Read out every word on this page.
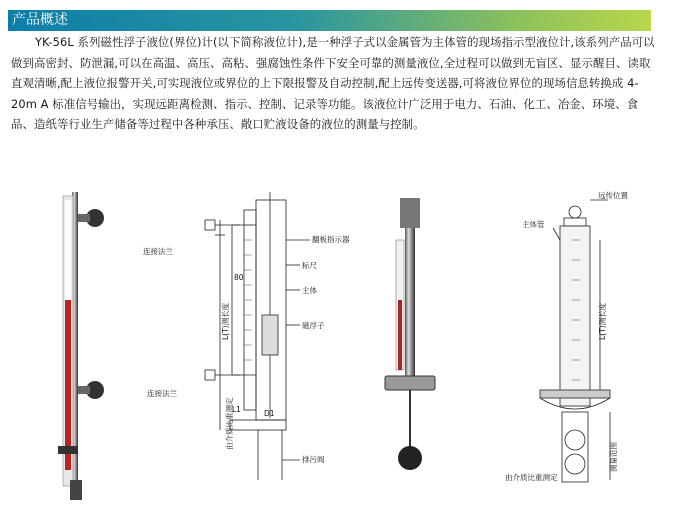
产品概述

YK-56L 系列磁性浮子液位(界位)计(以下简称液位计),是一种浮子式以金属管为主体管的现场指示型液位计,该系列产品可以做到高密封、防泄漏,可以在高温、高压、高粘、强腐蚀性条件下安全可靠的测量液位,全过程可以做到无盲区、显示醒目、读取直观清晰,配上液位报警开关,可实现液位或界位的上下限报警及自动控制,配上远传变送器,可将液位界位的现场信息转换成 4-20m A 标准信号输出，实现远距离检测、指示、控制、记录等功能。该液位计广泛用于电力、石油、化工、冶金、环境、食品、造纸等行业生产储备等过程中各种承压、敞口贮液设备的液位的测量与控制。

连接法兰
连接法兰
翻板指示器
标尺
主体
磁浮子
80
L1	D1
排污阀
L(T)测长度
由介质比重测定
远传位置
主体管
L(T)测长度
测量范围
由介质比重测定
